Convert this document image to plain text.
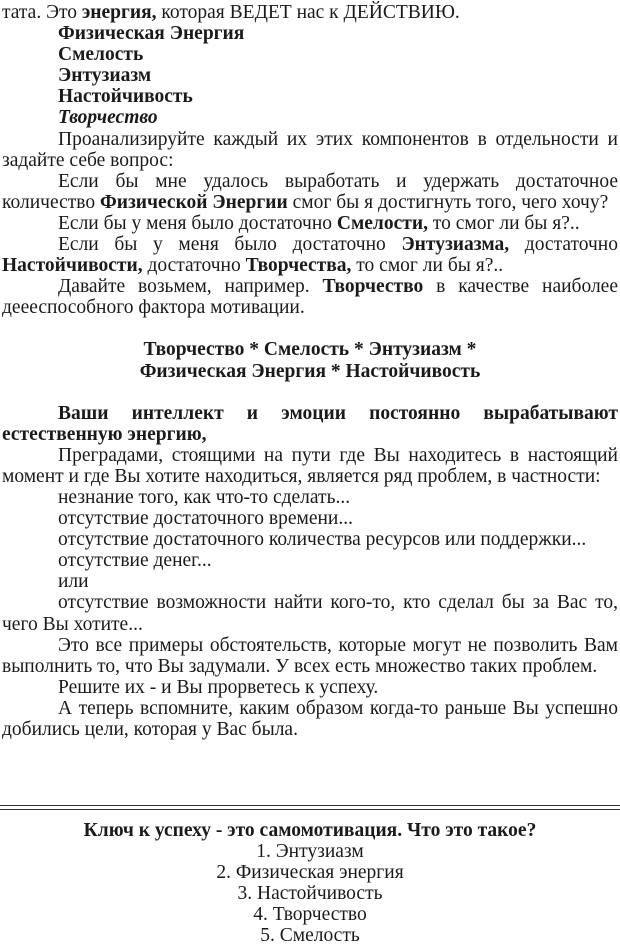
тата. Это энергия, которая ВЕДЕТ нас к ДЕЙСТВИЮ.

Физическая Энергия

Смелость

Энтузиазм

Настойчивость

Творчество

Проанализируйте каждый их этих компонентов в отдельности и задайте себе вопрос:

Если бы мне удалось выработать и удержать достаточное количество Физической Энергии смог бы я достигнуть того, чего хочу?

Если бы у меня было достаточно Смелости, то смог ли бы я?..

Если бы у меня было достаточно Энтузиазма, достаточно Настойчивости, достаточно Творчества, то смог ли бы я?..

Давайте возьмем, например. Творчество в качестве наиболее деееспособного фактора мотивации.

Творчество * Смелость * Энтузиазм *

Физическая Энергия * Настойчивость

Ваши интеллект и эмоции постоянно вырабатывают естественную энергию,

Преградами, стоящими на пути где Вы находитесь в настоящий момент и где Вы хотите находиться, является ряд проблем, в частности:

незнание того, как что-то сделать...

отсутствие достаточного времени...

отсутствие достаточного количества ресурсов или поддержки...

отсутствие денег...

или

отсутствие возможности найти кого-то, кто сделал бы за Вас то, чего Вы хотите...

Это все примеры обстоятельств, которые могут не позволить Вам выполнить то, что Вы задумали. У всех есть множество таких проблем.

Решите их - и Вы прорветесь к успеху.

А теперь вспомните, каким образом когда-то раньше Вы успешно добились цели, которая у Вас была.

Ключ к успеху - это самомотивация. Что это такое?

1. Энтузиазм

2. Физическая энергия

3. Настойчивость

4. Творчество

5. Смелость
